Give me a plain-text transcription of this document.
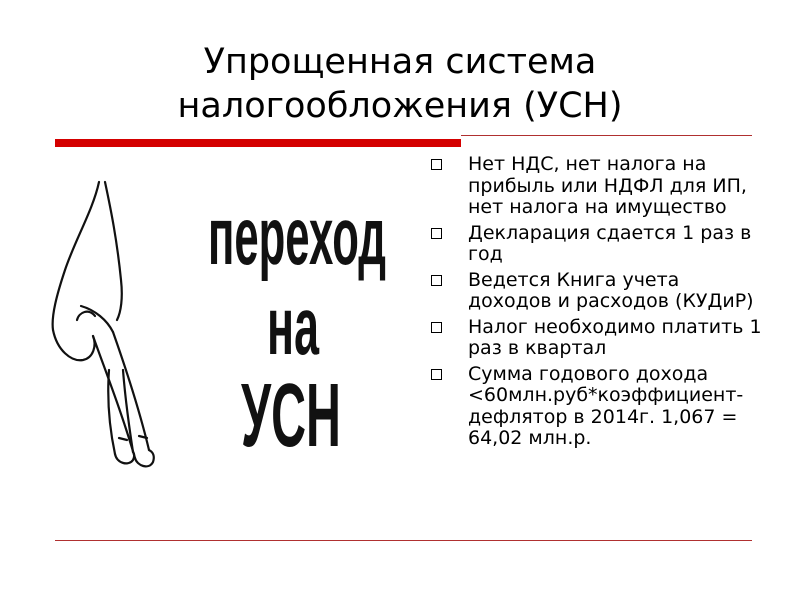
Упрощенная система
налогообложения (УСН)
переход
на
УСН
Нет НДС, нет налога на прибыль или НДФЛ для ИП, нет налога на имущество
Декларация сдается 1 раз в год
Ведется Книга учета доходов и расходов (КУДиР)
Налог необходимо платить 1 раз в квартал
Сумма годового дохода <60млн.руб*коэффициент-дефлятор в 2014г. 1,067 = 64,02 млн.р.
